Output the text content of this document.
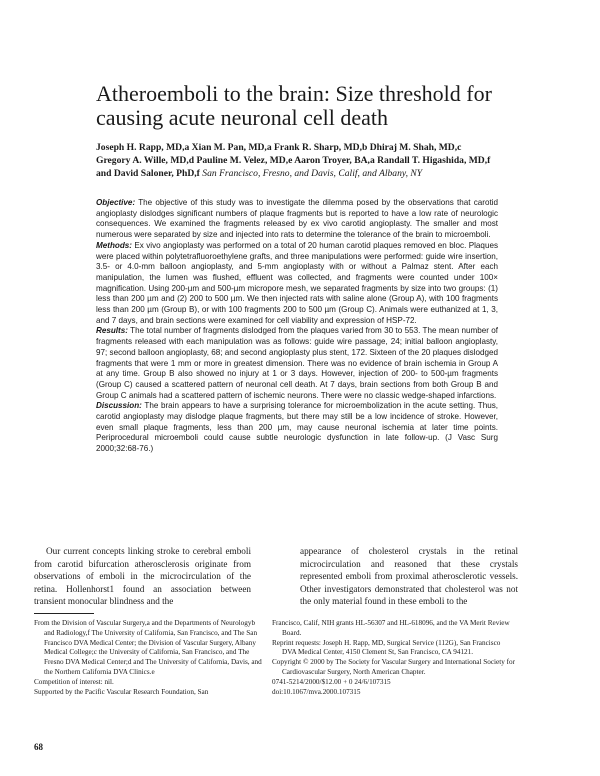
Atheroemboli to the brain: Size threshold for causing acute neuronal cell death
Joseph H. Rapp, MD,a Xian M. Pan, MD,a Frank R. Sharp, MD,b Dhiraj M. Shah, MD,c Gregory A. Wille, MD,d Pauline M. Velez, MD,e Aaron Troyer, BA,a Randall T. Higashida, MD,f and David Saloner, PhD,f San Francisco, Fresno, and Davis, Calif, and Albany, NY

Objective: The objective of this study was to investigate the dilemma posed by the observations that carotid angioplasty dislodges significant numbers of plaque fragments but is reported to have a low rate of neurologic consequences. We examined the fragments released by ex vivo carotid angioplasty. The smaller and most numerous were separated by size and injected into rats to determine the tolerance of the brain to microemboli.

Methods: Ex vivo angioplasty was performed on a total of 20 human carotid plaques removed en bloc. Plaques were placed within polytetrafluoroethylene grafts, and three manipulations were performed: guide wire insertion, 3.5- or 4.0-mm balloon angioplasty, and 5-mm angioplasty with or without a Palmaz stent. After each manipulation, the lumen was flushed, effluent was collected, and fragments were counted under 100× magnification. Using 200-µm and 500-µm micropore mesh, we separated fragments by size into two groups: (1) less than 200 µm and (2) 200 to 500 µm. We then injected rats with saline alone (Group A), with 100 fragments less than 200 µm (Group B), or with 100 fragments 200 to 500 µm (Group C). Animals were euthanized at 1, 3, and 7 days, and brain sections were examined for cell viability and expression of HSP-72.

Results: The total number of fragments dislodged from the plaques varied from 30 to 553. The mean number of fragments released with each manipulation was as follows: guide wire passage, 24; initial balloon angioplasty, 97; second balloon angioplasty, 68; and second angioplasty plus stent, 172. Sixteen of the 20 plaques dislodged fragments that were 1 mm or more in greatest dimension. There was no evidence of brain ischemia in Group A at any time. Group B also showed no injury at 1 or 3 days. However, injection of 200- to 500-µm fragments (Group C) caused a scattered pattern of neuronal cell death. At 7 days, brain sections from both Group B and Group C animals had a scattered pattern of ischemic neurons. There were no classic wedge-shaped infarctions.

Discussion: The brain appears to have a surprising tolerance for microembolization in the acute setting. Thus, carotid angioplasty may dislodge plaque fragments, but there may still be a low incidence of stroke. However, even small plaque fragments, less than 200 µm, may cause neuronal ischemia at later time points. Periprocedural microemboli could cause subtle neurologic dysfunction in late follow-up. (J Vasc Surg 2000;32:68-76.)

Our current concepts linking stroke to cerebral emboli from carotid bifurcation atherosclerosis originate from observations of emboli in the microcirculation of the retina. Hollenhorst1 found an association between transient monocular blindness and the

appearance of cholesterol crystals in the retinal microcirculation and reasoned that these crystals represented emboli from proximal atherosclerotic vessels. Other investigators demonstrated that cholesterol was not the only material found in these emboli to the

From the Division of Vascular Surgery,a and the Departments of Neurologyb and Radiology,f The University of California, San Francisco, and The San Francisco DVA Medical Center; the Division of Vascular Surgery, Albany Medical College;c the University of California, San Francisco, and The Fresno DVA Medical Center;d and The University of California, Davis, and the Northern California DVA Clinics.e

Competition of interest: nil.

Supported by the Pacific Vascular Research Foundation, San

Francisco, Calif, NIH grants HL-56307 and HL-618096, and the VA Merit Review Board.

Reprint requests: Joseph H. Rapp, MD, Surgical Service (112G), San Francisco DVA Medical Center, 4150 Clement St, San Francisco, CA 94121.

Copyright © 2000 by The Society for Vascular Surgery and International Society for Cardiovascular Surgery, North American Chapter.

0741-5214/2000/$12.00 + 0 24/6/107315

doi:10.1067/mva.2000.107315

68
